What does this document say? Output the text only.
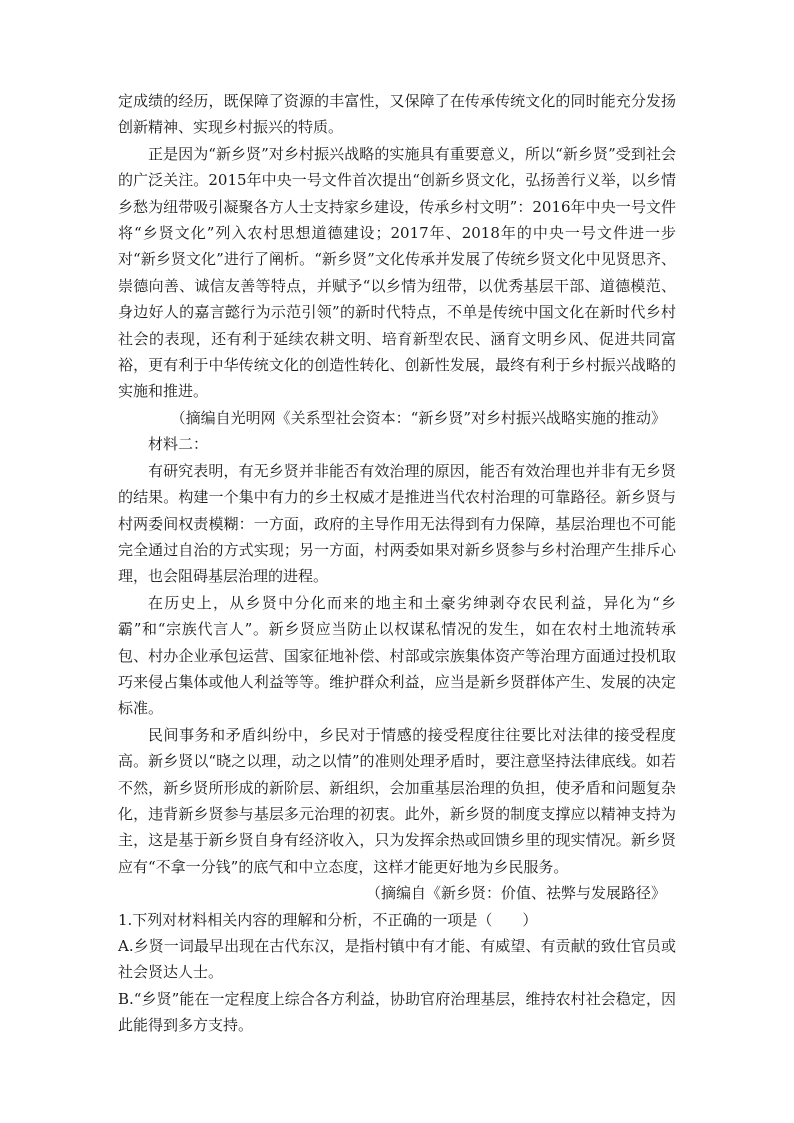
定成绩的经历，既保障了资源的丰富性，又保障了在传承传统文化的同时能充分发扬创新精神、实现乡村振兴的特质。

正是因为“新乡贤”对乡村振兴战略的实施具有重要意义，所以“新乡贤”受到社会的广泛关注。2015年中央一号文件首次提出“创新乡贤文化，弘扬善行义举，以乡情乡愁为纽带吸引凝聚各方人士支持家乡建设，传承乡村文明”：2016年中央一号文件将“乡贤文化”列入农村思想道德建设；2017年、2018年的中央一号文件进一步对“新乡贤文化”进行了阐析。“新乡贤”文化传承并发展了传统乡贤文化中见贤思齐、崇德向善、诚信友善等特点，并赋予“以乡情为纽带，以优秀基层干部、道德模范、身边好人的嘉言懿行为示范引领”的新时代特点，不单是传统中国文化在新时代乡村社会的表现，还有利于延续农耕文明、培育新型农民、涵育文明乡风、促进共同富裕，更有利于中华传统文化的创造性转化、创新性发展，最终有利于乡村振兴战略的实施和推进。

（摘编自光明网《关系型社会资本：“新乡贤”对乡村振兴战略实施的推动》

材料二：

有研究表明，有无乡贤并非能否有效治理的原因，能否有效治理也并非有无乡贤的结果。构建一个集中有力的乡土权威才是推进当代农村治理的可靠路径。新乡贤与村两委间权责模糊：一方面，政府的主导作用无法得到有力保障，基层治理也不可能完全通过自治的方式实现；另一方面，村两委如果对新乡贤参与乡村治理产生排斥心理，也会阻碍基层治理的进程。

在历史上，从乡贤中分化而来的地主和土豪劣绅剥夺农民利益，异化为“乡霸”和“宗族代言人”。新乡贤应当防止以权谋私情况的发生，如在农村土地流转承包、村办企业承包运营、国家征地补偿、村部或宗族集体资产等治理方面通过投机取巧来侵占集体或他人利益等等。维护群众利益，应当是新乡贤群体产生、发展的决定标准。

民间事务和矛盾纠纷中，乡民对于情感的接受程度往往要比对法律的接受程度高。新乡贤以“晓之以理，动之以情”的准则处理矛盾时，要注意坚持法律底线。如若不然，新乡贤所形成的新阶层、新组织，会加重基层治理的负担，使矛盾和问题复杂化，违背新乡贤参与基层多元治理的初衷。此外，新乡贤的制度支撑应以精神支持为主，这是基于新乡贤自身有经济收入，只为发挥余热或回馈乡里的现实情况。新乡贤应有“不拿一分钱”的底气和中立态度，这样才能更好地为乡民服务。

（摘编自《新乡贤：价值、祛弊与发展路径》

1.下列对材料相关内容的理解和分析，不正确的一项是（　　）

A.乡贤一词最早出现在古代东汉，是指村镇中有才能、有威望、有贡献的致仕官员或社会贤达人士。

B.“乡贤”能在一定程度上综合各方利益，协助官府治理基层，维持农村社会稳定，因此能得到多方支持。
